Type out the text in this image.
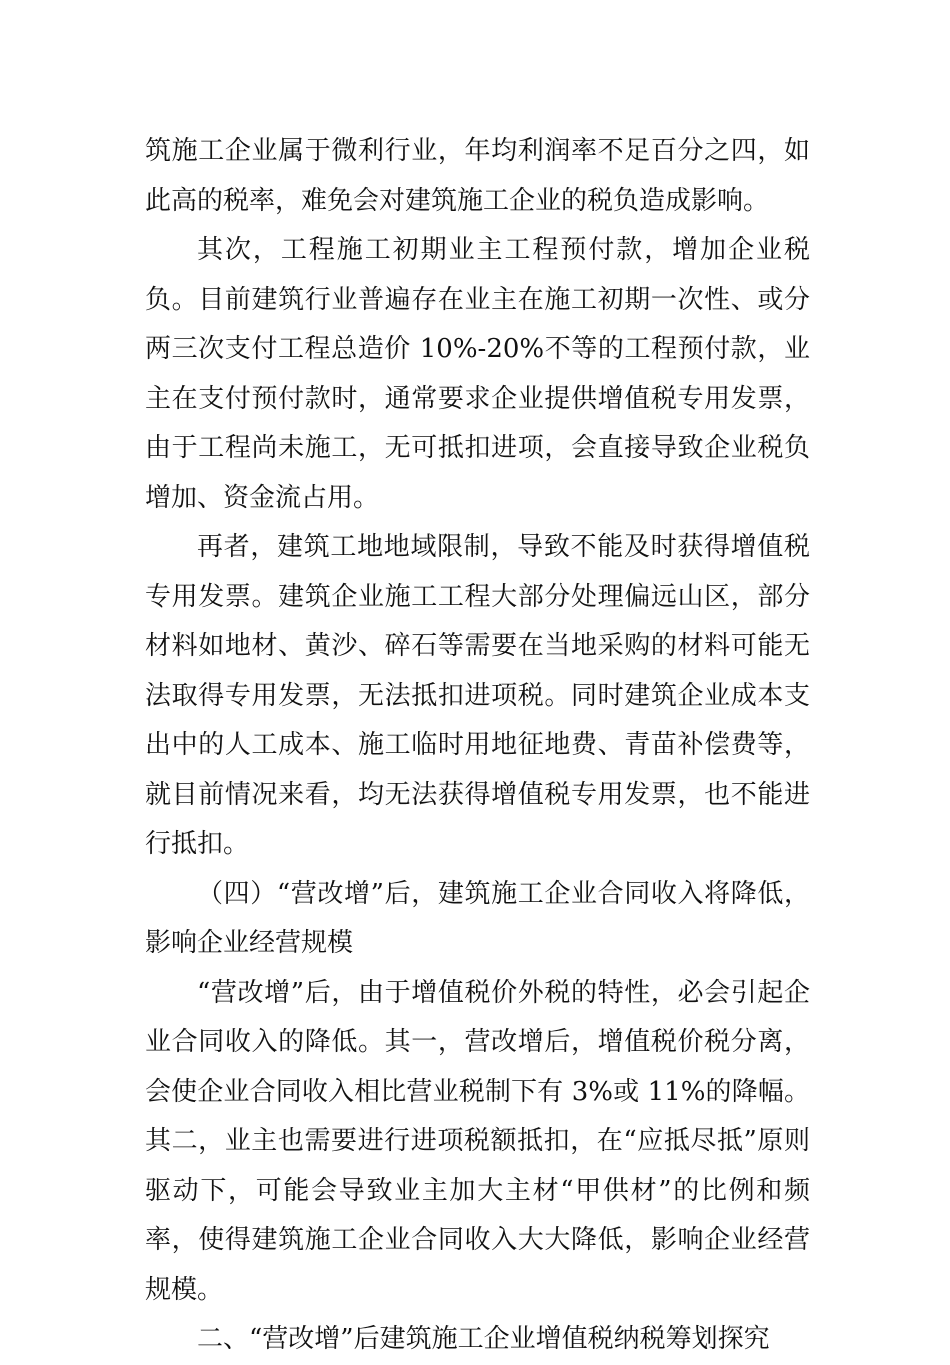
筑施工企业属于微利行业，年均利润率不足百分之四，如此高的税率，难免会对建筑施工企业的税负造成影响。

其次，工程施工初期业主工程预付款，增加企业税负。目前建筑行业普遍存在业主在施工初期一次性、或分两三次支付工程总造价 10%-20%不等的工程预付款，业主在支付预付款时，通常要求企业提供增值税专用发票，由于工程尚未施工，无可抵扣进项，会直接导致企业税负增加、资金流占用。

再者，建筑工地地域限制，导致不能及时获得增值税专用发票。建筑企业施工工程大部分处理偏远山区，部分材料如地材、黄沙、碎石等需要在当地采购的材料可能无法取得专用发票，无法抵扣进项税。同时建筑企业成本支出中的人工成本、施工临时用地征地费、青苗补偿费等，就目前情况来看，均无法获得增值税专用发票，也不能进行抵扣。

（四）“营改增”后，建筑施工企业合同收入将降低，影响企业经营规模

“营改增”后，由于增值税价外税的特性，必会引起企业合同收入的降低。其一，营改增后，增值税价税分离，会使企业合同收入相比营业税制下有 3%或 11%的降幅。其二，业主也需要进行进项税额抵扣，在“应抵尽抵”原则驱动下，可能会导致业主加大主材“甲供材”的比例和频率，使得建筑施工企业合同收入大大降低，影响企业经营规模。

二、“营改增”后建筑施工企业增值税纳税筹划探究
